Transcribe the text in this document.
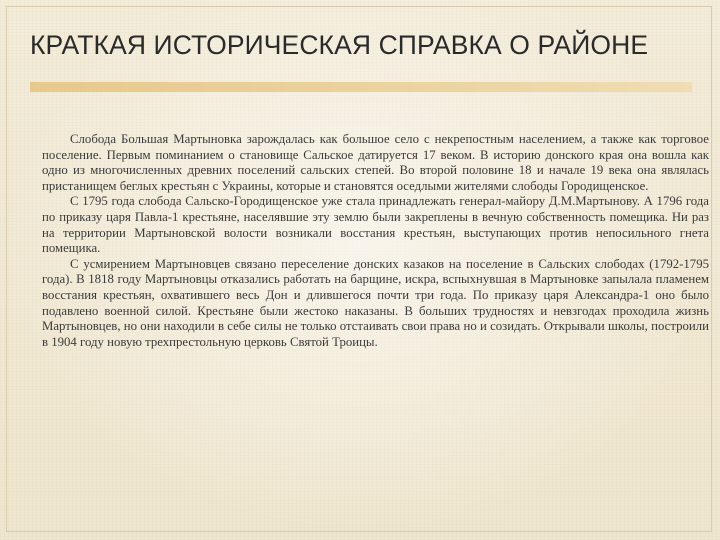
КРАТКАЯ ИСТОРИЧЕСКАЯ СПРАВКА О РАЙОНЕ

Слобода Большая Мартыновка зарождалась как большое село с некрепостным населением, а также как торговое поселение. Первым поминанием о становище Сальское датируется 17 веком. В историю донского края она вошла как одно из многочисленных древних поселений сальских степей. Во второй половине 18 и начале 19 века она являлась пристанищем беглых крестьян с Украины, которые и становятся оседлыми жителями слободы Городищенское.

С 1795 года слобода Сальско-Городищенское уже стала принадлежать генерал-майору Д.М.Мартынову. А 1796 года по приказу царя Павла-1 крестьяне, населявшие эту землю были закреплены в вечную собственность помещика. Ни раз на территории Мартыновской волости возникали восстания крестьян, выступающих против непосильного гнета помещика.

С усмирением Мартыновцев связано переселение донских казаков на поселение в Сальских слободах (1792-1795 года). В 1818 году Мартыновцы отказались работать на барщине, искра, вспыхнувшая в Мартыновке запылала пламенем восстания крестьян, охватившего весь Дон и длившегося почти три года. По приказу царя Александра-1 оно было подавлено военной силой. Крестьяне были жестоко наказаны. В больших трудностях и невзгодах проходила жизнь Мартыновцев, но они находили в себе силы не только отстаивать свои права но и созидать. Открывали школы, построили в 1904 году новую трехпрестольную церковь Святой Троицы.
